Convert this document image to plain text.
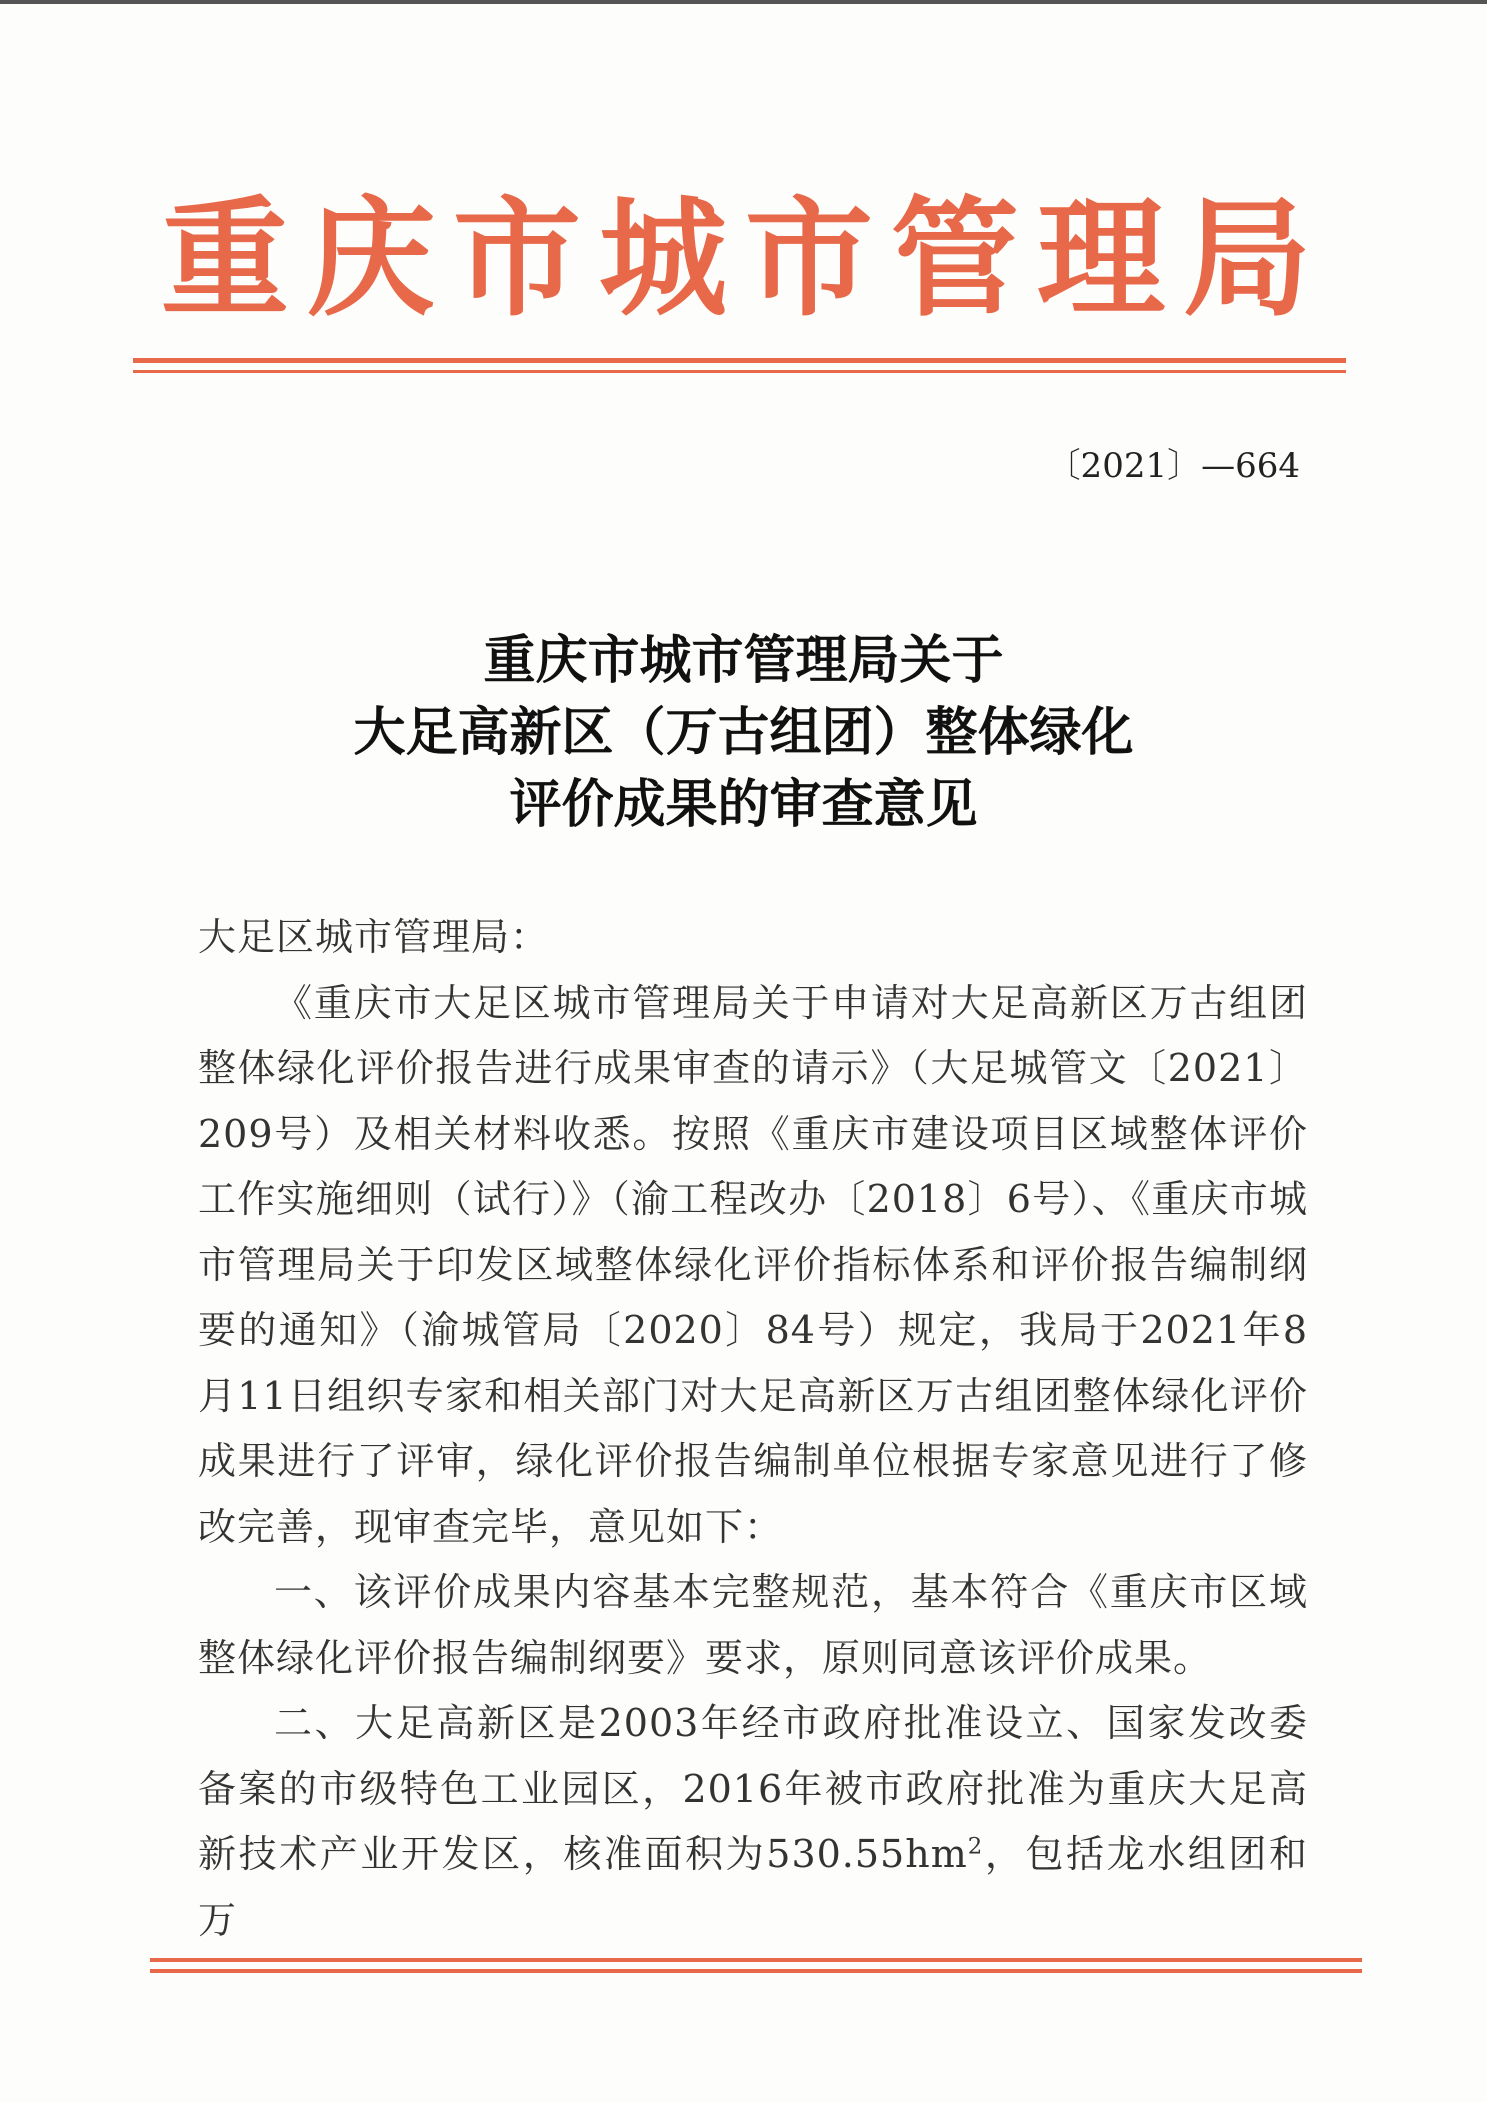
重庆市城市管理局
〔2021〕—664
重庆市城市管理局关于
大足高新区（万古组团）整体绿化
评价成果的审查意见

大足区城市管理局：

《重庆市大足区城市管理局关于申请对大足高新区万古组团整体绿化评价报告进行成果审查的请示》（大足城管文〔2021〕209号）及相关材料收悉。按照《重庆市建设项目区域整体评价工作实施细则（试行）》（渝工程改办〔2018〕6号）、《重庆市城市管理局关于印发区域整体绿化评价指标体系和评价报告编制纲要的通知》（渝城管局〔2020〕84号）规定，我局于2021年8月11日组织专家和相关部门对大足高新区万古组团整体绿化评价成果进行了评审，绿化评价报告编制单位根据专家意见进行了修改完善，现审查完毕，意见如下：

一、该评价成果内容基本完整规范，基本符合《重庆市区域整体绿化评价报告编制纲要》要求，原则同意该评价成果。

二、大足高新区是2003年经市政府批准设立、国家发改委备案的市级特色工业园区，2016年被市政府批准为重庆大足高新技术产业开发区，核准面积为$530.55hm^2$，包括龙水组团和万
